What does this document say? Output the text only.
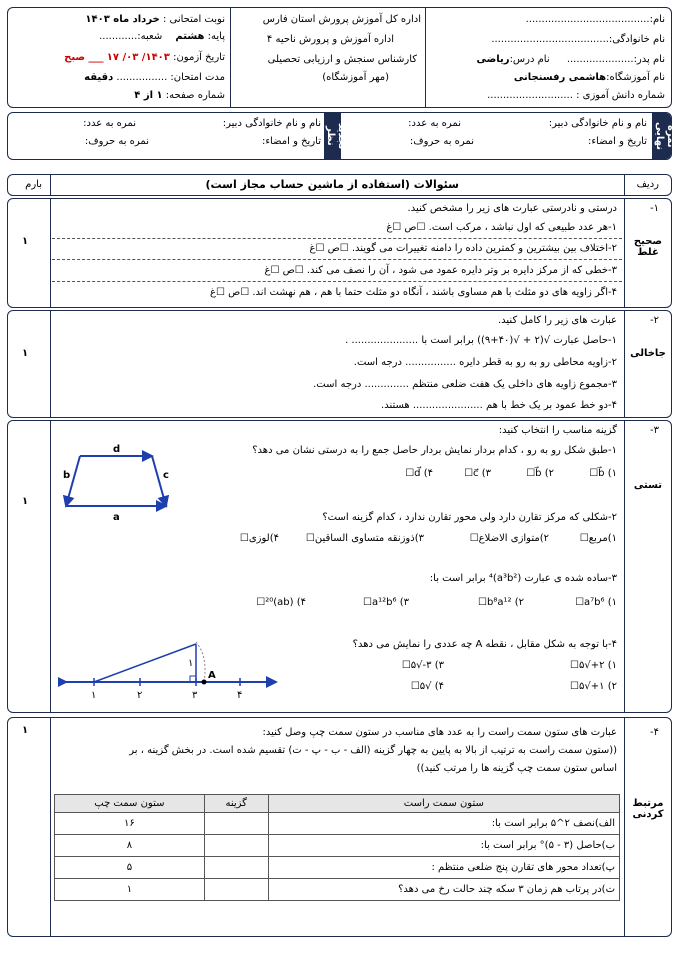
نام:.......................................
نام خانوادگی:.....................................
نام پدر:..................... نام درس:ریاضی
نام آموزشگاه:هاشمی رفسنجانی
شماره دانش آموزی : ...........................
اداره کل آموزش پرورش استان فارس
اداره آموزش و پرورش ناحیه ۴
کارشناس سنجش و ارزیابی تحصیلی
(مهر آموزشگاه)
نوبت امتحانی : خرداد ماه ۱۴۰۳
پایه: هشتم شعبه:............
تاریخ آزمون: ۱۴۰۳/ ۰۳/ ۱۷ ___ صبح
مدت امتحان: ................ دقیقه
شماره صفحه: ۱ از ۴
نمره نهایی
تجدید نظر
نام و نام خانوادگی دبیر:
نمره به عدد:
تاریخ و امضاء:
نمره به حروف:
نام و نام خانوادگی دبیر:
نمره به عدد:
تاریخ و امضاء:
نمره به حروف:
ردیف
سئوالات (استفاده از ماشین حساب مجاز است)
بارم
۱-
صحیح غلط
۱
درستی و نادرستی عبارت های زیر را مشخص کنید.
۱-هر عدد طبیعی که اول نباشد ، مرکب است. ☐ص ☐غ
۲-اختلاف بین بیشترین و کمترین داده را دامنه تغییرات می گویند. ☐ص ☐غ
۳-خطی که از مرکز دایره بر وتر دایره عمود می شود ، آن را نصف می کند. ☐ص ☐غ
۴-اگر زاویه های دو مثلث با هم مساوی باشند ، آنگاه دو مثلث حتما با هم ، هم نهشت اند. ☐ص ☐غ
۲-
جاخالی
۱
عبارت های زیر را کامل کنید.
۱-حاصل عبارت √(۲ + √(۴۰+۹)) برابر است با ..................... .
۲-زاویه محاطی رو به رو به قطر دایره ................ درجه است.
۳-مجموع زاویه های داخلی یک هفت ضلعی منتظم .............. درجه است.
۴-دو خط عمود بر یک خط با هم ...................... هستند.
۳-
تستی
۱
گزینه مناسب را انتخاب کنید:
۱-طبق شکل رو به رو ، کدام بردار نمایش بردار حاصل جمع را به درستی نشان می دهد؟
۱) b⃗☐
۲) b⃗☐
۳) c⃗☐
۴) d⃗☐
d
b	c
a	۲-شکلی که مرکز تقارن دارد ولی محور تقارن ندارد ، کدام گزینه است؟
۱)مربع☐
۲)متوازی الاضلاع☐
۳)ذوزنقه متساوی الساقین☐
۴)لوزی☐
۳-ساده شده ی عبارت (a³b²)⁴ برابر است با:
۱) a⁷b⁶☐
۲) b⁸a¹²☐
۳) a¹²b⁶☐
۴) (ab)²⁰☐
۴-با توجه به شکل مقابل ، نقطه A چه عددی را نمایش می دهد؟
۱) ۲+√۵☐
۳) ۳-√۵☐
۲) ۱+√۵☐
۴) √۵☐
۱
A
۱	۲	۳	۴
۴-
مرتبط کردنی
۱	عبارت های ستون سمت راست را به عدد های مناسب در ستون سمت چپ وصل کنید:
((ستون سمت راست به ترتیب از بالا به پایین به چهار گزینه (الف - ب - پ - ت) تقسیم شده است. در بخش گزینه ، بر
اساس ستون سمت چپ گزینه ها را مرتب کنید))
ستون سمت راست	گزینه	ستون سمت چپ
الف)نصف ۲^۵ برابر است با:		۱۶
ب)حاصل (۳ - ۵)° برابر است با:		۸
پ)تعداد محور های تقارن پنج ضلعی منتظم :		۵
ت)در پرتاب هم زمان ۳ سکه چند حالت رخ می دهد؟		۱
